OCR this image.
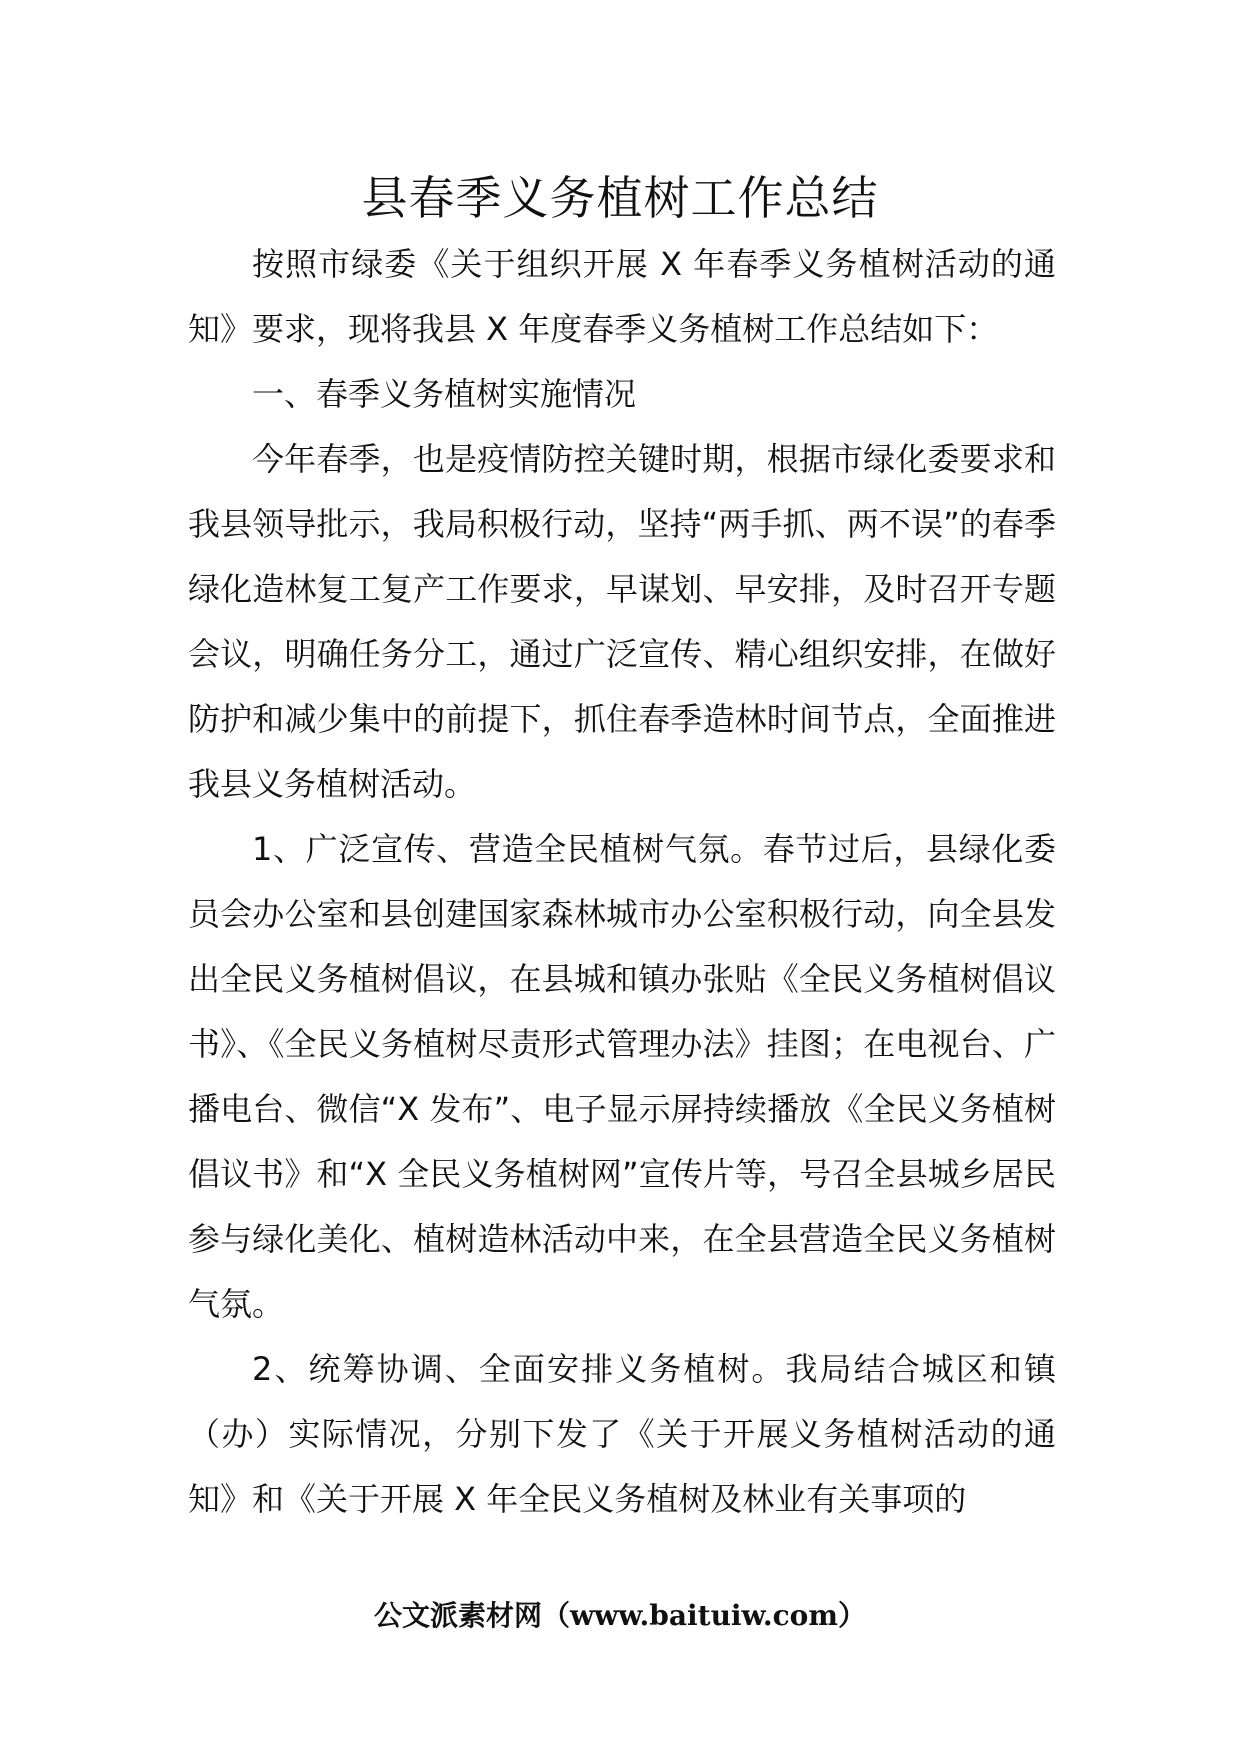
县春季义务植树工作总结

按照市绿委《关于组织开展 X 年春季义务植树活动的通知》要求，现将我县 X 年度春季义务植树工作总结如下：

一、春季义务植树实施情况

今年春季，也是疫情防控关键时期，根据市绿化委要求和我县领导批示，我局积极行动，坚持“两手抓、两不误”的春季绿化造林复工复产工作要求，早谋划、早安排，及时召开专题会议，明确任务分工，通过广泛宣传、精心组织安排，在做好防护和减少集中的前提下，抓住春季造林时间节点，全面推进我县义务植树活动。

1、广泛宣传、营造全民植树气氛。春节过后，县绿化委员会办公室和县创建国家森林城市办公室积极行动，向全县发出全民义务植树倡议，在县城和镇办张贴《全民义务植树倡议书》、《全民义务植树尽责形式管理办法》挂图；在电视台、广播电台、微信“X 发布”、电子显示屏持续播放《全民义务植树倡议书》和“X 全民义务植树网”宣传片等，号召全县城乡居民参与绿化美化、植树造林活动中来，在全县营造全民义务植树气氛。

2、统筹协调、全面安排义务植树。我局结合城区和镇（办）实际情况，分别下发了《关于开展义务植树活动的通知》和《关于开展 X 年全民义务植树及林业有关事项的

公文派素材网（www.baituiw.com）
